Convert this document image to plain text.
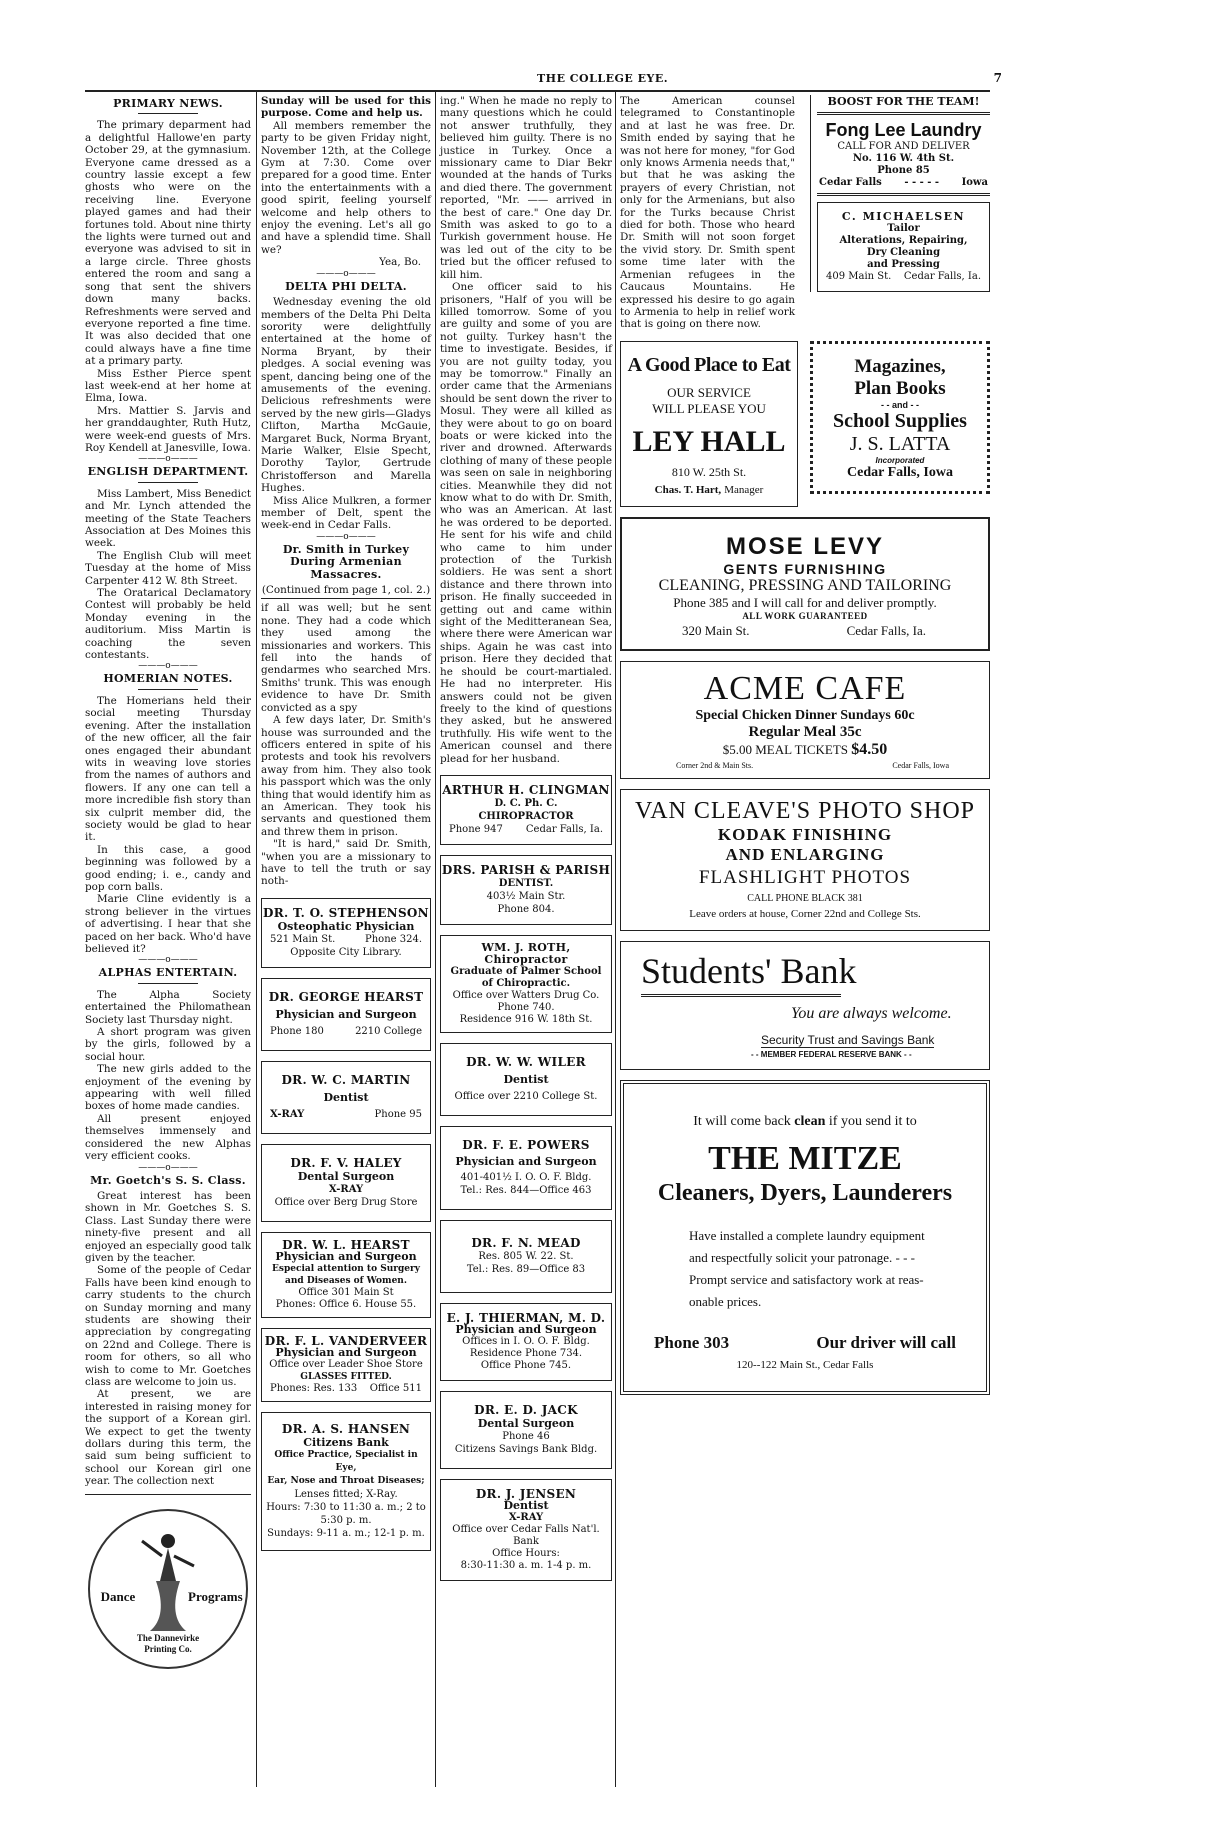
THE COLLEGE EYE.	7
PRIMARY NEWS.

The primary deparment had a delightful Hallowe'en party October 29, at the gymnasium. Everyone came dressed as a country lassie except a few ghosts who were on the receiving line. Everyone played games and had their fortunes told. About nine thirty the lights were turned out and everyone was advised to sit in a large circle. Three ghosts entered the room and sang a song that sent the shivers down many backs. Refreshments were served and everyone reported a fine time. It was also decided that one could always have a fine time at a primary party.

Miss Esther Pierce spent last week-end at her home at Elma, Iowa.

Mrs. Mattier S. Jarvis and her granddaughter, Ruth Hutz, were week-end guests of Mrs. Roy Kendell at Janesville, Iowa.

———o———
ENGLISH DEPARTMENT.

Miss Lambert, Miss Benedict and Mr. Lynch attended the meeting of the State Teachers Association at Des Moines this week.

The English Club will meet Tuesday at the home of Miss Carpenter 412 W. 8th Street.

The Oratarical Declamatory Contest will probably be held Monday evening in the auditorium. Miss Martin is coaching the seven contestants.

———o———
HOMERIAN NOTES.

The Homerians held their social meeting Thursday evening. After the installation of the new officer, all the fair ones engaged their abundant wits in weaving love stories from the names of authors and flowers. If any one can tell a more incredible fish story than six culprit member did, the society would be glad to hear it.

In this case, a good beginning was followed by a good ending; i. e., candy and pop corn balls.

Marie Cline evidently is a strong believer in the virtues of advertising. I hear that she paced on her back. Who'd have believed it?

———o———
ALPHAS ENTERTAIN.

The Alpha Society entertained the Philomathean Society last Thursday night.

A short program was given by the girls, followed by a social hour.

The new girls added to the enjoyment of the evening by appearing with well filled boxes of home made candies.

All present enjoyed themselves immensely and considered the new Alphas very efficient cooks.

———o———
Mr. Goetch's S. S. Class.

Great interest has been shown in Mr. Goetches S. S. Class. Last Sunday there were ninety-five present and all enjoyed an especially good talk given by the teacher.

Some of the people of Cedar Falls have been kind enough to carry students to the church on Sunday morning and many students are showing their appreciation by congregating on 22nd and College. There is room for others, so all who wish to come to Mr. Goetches class are welcome to join us.

At present, we are interested in raising money for the support of a Korean girl. We expect to get the twenty dollars during this term, the said sum being sufficient to school our Korean girl one year. The collection next

Dance	Programs
The Dannevirke Printing Co.

Sunday will be used for this purpose. Come and help us.

All members remember the party to be given Friday night, November 12th, at the College Gym at 7:30. Come over prepared for a good time. Enter into the entertainments with a good spirit, feeling yourself welcome and help others to enjoy the evening. Let's all go and have a splendid time. Shall we?

Yea, Bo.

———o———
DELTA PHI DELTA.

Wednesday evening the old members of the Delta Phi Delta sorority were delightfully entertained at the home of Norma Bryant, by their pledges. A social evening was spent, dancing being one of the amusements of the evening. Delicious refreshments were served by the new girls—Gladys Clifton, Martha McGauie, Margaret Buck, Norma Bryant, Marie Walker, Elsie Specht, Dorothy Taylor, Gertrude Christofferson and Marella Hughes.

Miss Alice Mulkren, a former member of Delt, spent the week-end in Cedar Falls.

———o———
Dr. Smith in Turkey During Armenian Massacres.
(Continued from page 1, col. 2.)

if all was well; but he sent none. They had a code which they used among the missionaries and workers. This fell into the hands of gendarmes who searched Mrs. Smiths' trunk. This was enough evidence to have Dr. Smith convicted as a spy

A few days later, Dr. Smith's house was surrounded and the officers entered in spite of his protests and took his revolvers away from him. They also took his passport which was the only thing that would identify him as an American. They took his servants and questioned them and threw them in prison.

"It is hard," said Dr. Smith, "when you are a missionary to have to tell the truth or say noth-

DR. T. O. STEPHENSON
Osteophatic Physician
521 Main St.	Phone 324.
Opposite City Library.
DR. GEORGE HEARST
Physician and Surgeon
Phone 180	2210 College
DR. W. C. MARTIN
Dentist
X-RAY	Phone 95
DR. F. V. HALEY
Dental Surgeon
X-RAY
Office over Berg Drug Store
DR. W. L. HEARST
Physician and Surgeon
Especial attention to Surgery
and Diseases of Women.
Office 301 Main St
Phones: Office 6. House 55.
DR. F. L. VANDERVEER
Physician and Surgeon
Office over Leader Shoe Store
GLASSES FITTED.
Phones: Res. 133 Office 511
DR. A. S. HANSEN
Citizens Bank
Office Practice, Specialist in Eye,
Ear, Nose and Throat Diseases;
Lenses fitted; X-Ray.
Hours: 7:30 to 11:30 a. m.; 2 to
5:30 p. m.
Sundays: 9-11 a. m.; 12-1 p. m.

ing." When he made no reply to many questions which he could not answer truthfully, they believed him guilty. There is no justice in Turkey. Once a missionary came to Diar Bekr wounded at the hands of Turks and died there. The government reported, "Mr. —— arrived in the best of care." One day Dr. Smith was asked to go to a Turkish government house. He was led out of the city to be tried but the officer refused to kill him.

One officer said to his prisoners, "Half of you will be killed tomorrow. Some of you are guilty and some of you are not guilty. Turkey hasn't the time to investigate. Besides, if you are not guilty today, you may be tomorrow." Finally an order came that the Armenians should be sent down the river to Mosul. They were all killed as they were about to go on board boats or were kicked into the river and drowned. Afterwards clothing of many of these people was seen on sale in neighboring cities. Meanwhile they did not know what to do with Dr. Smith, who was an American. At last he was ordered to be deported. He sent for his wife and child who came to him under protection of the Turkish soldiers. He was sent a short distance and there thrown into prison. He finally succeeded in getting out and came within sight of the Meditteranean Sea, where there were American war ships. Again he was cast into prison. Here they decided that he should be court-martialed. He had no interpreter. His answers could not be given freely to the kind of questions they asked, but he answered truthfully. His wife went to the American counsel and there plead for her husband.

ARTHUR H. CLINGMAN
D. C. Ph. C.
CHIROPRACTOR
Phone 947 Cedar Falls, Ia.
DRS. PARISH & PARISH
DENTIST.
403½ Main Str.
Phone 804.
WM. J. ROTH, Chiropractor
Graduate of Palmer School
of Chiropractic.
Office over Watters Drug Co.
Phone 740.
Residence 916 W. 18th St.
DR. W. W. WILER
Dentist
Office over 2210 College St.
DR. F. E. POWERS
Physician and Surgeon
401-401½ I. O. O. F. Bldg.
Tel.: Res. 844—Office 463
DR. F. N. MEAD
Res. 805 W. 22. St.
Tel.: Res. 89—Office 83
E. J. THIERMAN, M. D.
Physician and Surgeon
Offices in I. O. O. F. Bldg.
Residence Phone 734.
Office Phone 745.
DR. E. D. JACK
Dental Surgeon
Phone 46
Citizens Savings Bank Bldg.
DR. J. JENSEN
Dentist
X-RAY
Office over Cedar Falls Nat'l. Bank
Office Hours:
8:30-11:30 a. m. 1-4 p. m.

The American counsel telegramed to Constantinople and at last he was free. Dr. Smith ended by saying that he was not here for money, "for God only knows Armenia needs that," but that he was asking the prayers of every Christian, not only for the Armenians, but also for the Turks because Christ died for both. Those who heard Dr. Smith will not soon forget the vivid story. Dr. Smith spent some time later with the Armenian refugees in the Caucaus Mountains. He expressed his desire to go again to Armenia to help in relief work that is going on there now.

BOOST FOR THE TEAM!
Fong Lee Laundry
CALL FOR AND DELIVER
No. 116 W. 4th St.
Phone 85
Cedar Falls - - - - - Iowa
C. MICHAELSEN
Tailor
Alterations, Repairing,
Dry Cleaning
and Pressing
409 Main St. Cedar Falls, Ia.
A Good Place to Eat
OUR SERVICE
WILL PLEASE YOU
LEY HALL
810 W. 25th St.
Chas. T. Hart, Manager
Magazines,
Plan Books
- - and - -
School Supplies
J. S. LATTA
Incorporated
Cedar Falls, Iowa
MOSE LEVY
GENTS FURNISHING
CLEANING, PRESSING AND TAILORING
Phone 385 and I will call for and deliver promptly.
ALL WORK GUARANTEED
320 Main St.	Cedar Falls, Ia.
ACME CAFE
Special Chicken Dinner Sundays 60c
Regular Meal 35c
$5.00 MEAL TICKETS $4.50
Corner 2nd & Main Sts.	Cedar Falls, Iowa
VAN CLEAVE'S PHOTO SHOP
KODAK FINISHING
AND ENLARGING
FLASHLIGHT PHOTOS
CALL PHONE BLACK 381
Leave orders at house, Corner 22nd and College Sts.
Students' Bank
You are always welcome.
Security Trust and Savings Bank
- - MEMBER FEDERAL RESERVE BANK - -
It will come back clean if you send it to
THE MITZE
Cleaners, Dyers, Launderers
Have installed a complete laundry equipment
and respectfully solicit your patronage. - - -
Prompt service and satisfactory work at reas-
onable prices.
Phone 303	Our driver will call
120--122 Main St., Cedar Falls
